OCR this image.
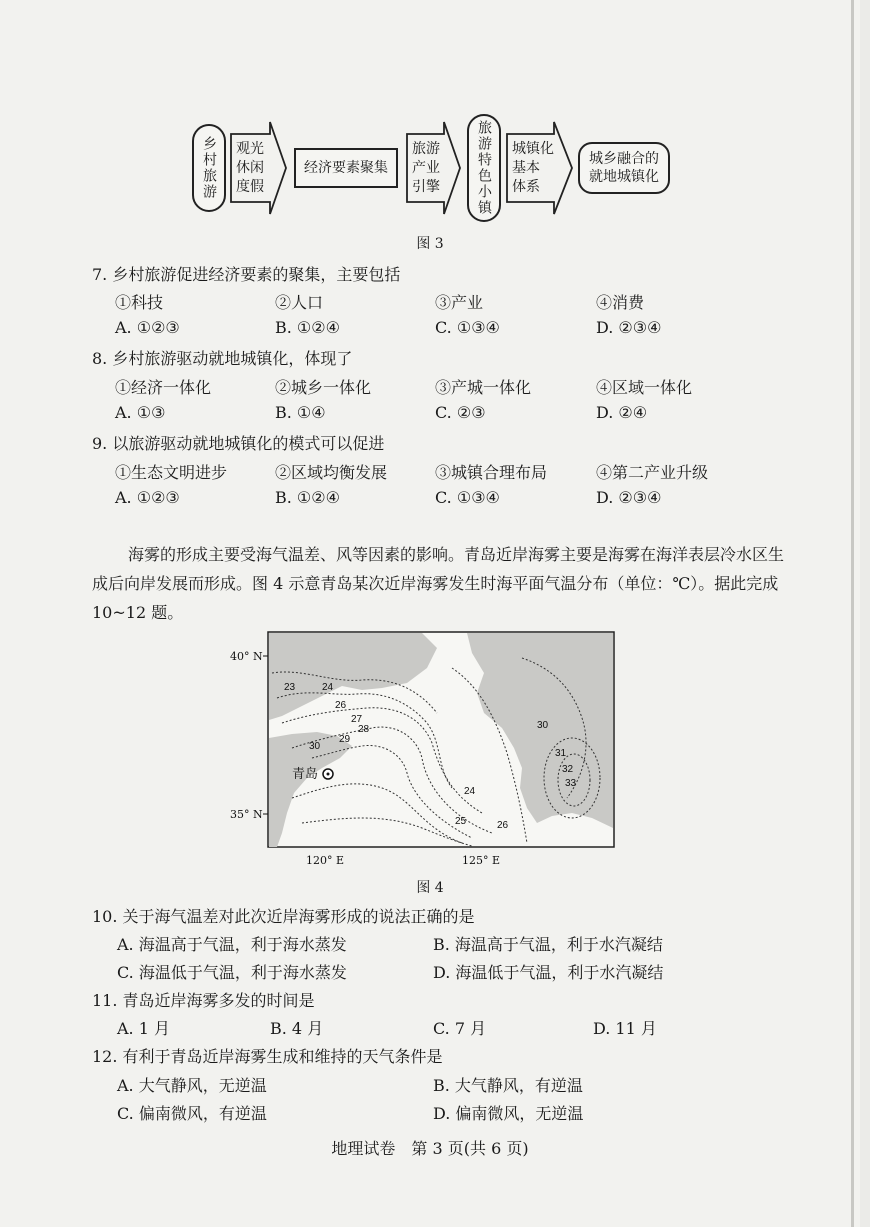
乡村旅游 观光
休闲
度假
经济要素聚集
旅游
产业
引擎	旅游特色小镇 城镇化
基本
体系
城乡融合的
就地城镇化
图 3
7. 乡村旅游促进经济要素的聚集，主要包括
①科技	②人口	③产业	④消费
A. ①②③	B. ①②④	C. ①③④	D. ②③④
8. 乡村旅游驱动就地城镇化，体现了
①经济一体化	②城乡一体化	③产城一体化	④区域一体化
A. ①③	B. ①④	C. ②③	D. ②④
9. 以旅游驱动就地城镇化的模式可以促进
①生态文明进步	②区域均衡发展	③城镇合理布局	④第二产业升级
A. ①②③	B. ①②④	C. ①③④	D. ②③④
海雾的形成主要受海气温差、风等因素的影响。青岛近岸海雾主要是海雾在海洋表层冷水区生成后向岸发展而形成。图 4 示意青岛某次近岸海雾发生时海平面气温分布（单位：℃）。据此完成 10~12 题。
23	24
26
27
28
29
30
24
25	26
30
31
32
33
青岛
40° N
35° N
120° E	125° E
图 4
10. 关于海气温差对此次近岸海雾形成的说法正确的是
A. 海温高于气温，利于海水蒸发	B. 海温高于气温，利于水汽凝结
C. 海温低于气温，利于海水蒸发	D. 海温低于气温，利于水汽凝结
11. 青岛近岸海雾多发的时间是
A. 1 月	B. 4 月	C. 7 月	D. 11 月
12. 有利于青岛近岸海雾生成和维持的天气条件是
A. 大气静风，无逆温	B. 大气静风，有逆温
C. 偏南微风，有逆温	D. 偏南微风，无逆温
地理试卷　第 3 页(共 6 页)
